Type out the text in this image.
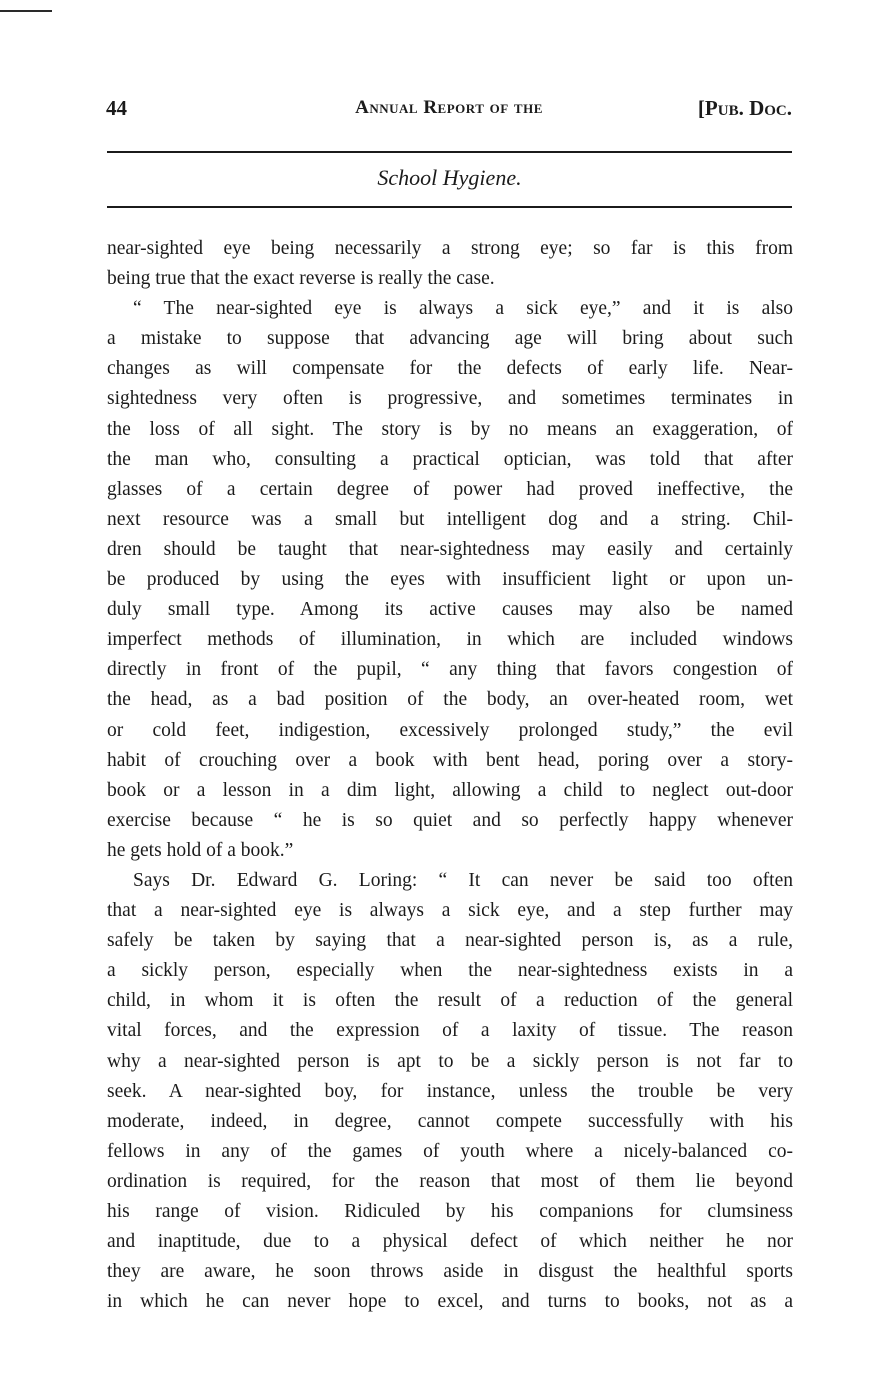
44	Annual Report of the	[Pub. Doc.
School Hygiene.
near-sighted eye being necessarily a strong eye; so far is this from
being true that the exact reverse is really the case.
“ The near-sighted eye is always a sick eye,” and it is also
a mistake to suppose that advancing age will bring about such
changes as will compensate for the defects of early life. Near-
sightedness very often is progressive, and sometimes terminates in
the loss of all sight. The story is by no means an exaggeration, of
the man who, consulting a practical optician, was told that after
glasses of a certain degree of power had proved ineffective, the
next resource was a small but intelligent dog and a string. Chil-
dren should be taught that near-sightedness may easily and certainly
be produced by using the eyes with insufficient light or upon un-
duly small type. Among its active causes may also be named
imperfect methods of illumination, in which are included windows
directly in front of the pupil, “ any thing that favors congestion of
the head, as a bad position of the body, an over-heated room, wet
or cold feet, indigestion, excessively prolonged study,” the evil
habit of crouching over a book with bent head, poring over a story-
book or a lesson in a dim light, allowing a child to neglect out-door
exercise because “ he is so quiet and so perfectly happy whenever
he gets hold of a book.”
Says Dr. Edward G. Loring: “ It can never be said too often
that a near-sighted eye is always a sick eye, and a step further may
safely be taken by saying that a near-sighted person is, as a rule,
a sickly person, especially when the near-sightedness exists in a
child, in whom it is often the result of a reduction of the general
vital forces, and the expression of a laxity of tissue. The reason
why a near-sighted person is apt to be a sickly person is not far to
seek. A near-sighted boy, for instance, unless the trouble be very
moderate, indeed, in degree, cannot compete successfully with his
fellows in any of the games of youth where a nicely-balanced co-
ordination is required, for the reason that most of them lie beyond
his range of vision. Ridiculed by his companions for clumsiness
and inaptitude, due to a physical defect of which neither he nor
they are aware, he soon throws aside in disgust the healthful sports
in which he can never hope to excel, and turns to books, not as a
